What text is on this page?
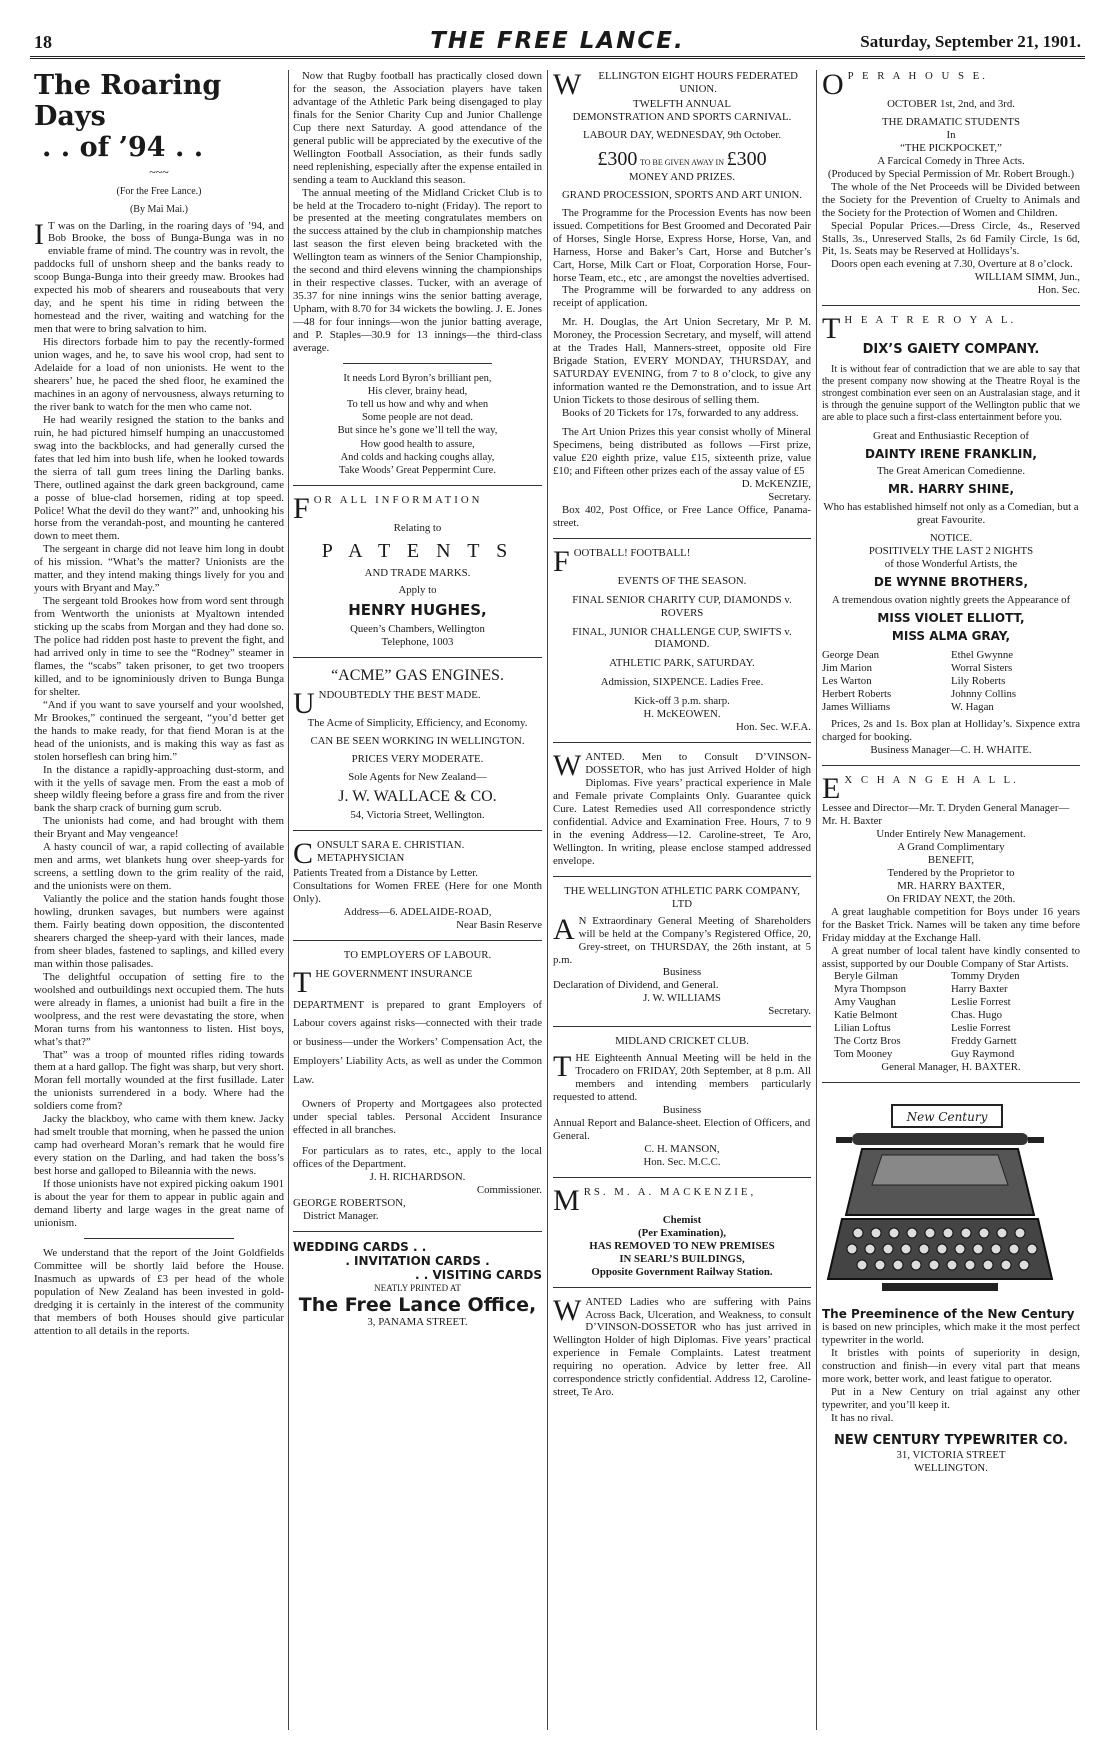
18	THE FREE LANCE.	Saturday, September 21, 1901.
The Roaring Days
. . of ’94 . .
~~~
(For the Free Lance.)
(By Mai Mai.)

I T was on the Darling, in the roaring days of ’94, and Bob Brooke, the boss of Bunga-Bunga was in no enviable frame of mind. The country was in revolt, the paddocks full of unshorn sheep and the banks ready to scoop Bunga-Bunga into their greedy maw. Brookes had expected his mob of shearers and rouseabouts that very day, and he spent his time in riding between the homestead and the river, waiting and watching for the men that were to bring salvation to him.

His directors forbade him to pay the recently-formed union wages, and he, to save his wool crop, had sent to Adelaide for a load of non unionists. He went to the shearers’ hue, he paced the shed floor, he examined the machines in an agony of nervousness, always returning to the river bank to watch for the men who came not.

He had wearily resigned the station to the banks and ruin, he had pictured himself humping an unaccustomed swag into the backblocks, and had generally cursed the fates that led him into bush life, when he looked towards the sierra of tall gum trees lining the Darling banks. There, outlined against the dark green background, came a posse of blue-clad horsemen, riding at top speed. Police! What the devil do they want?” and, unhooking his horse from the verandah-post, and mounting he cantered down to meet them.

The sergeant in charge did not leave him long in doubt of his mission. “What’s the matter? Unionists are the matter, and they intend making things lively for you and yours with Bryant and May.”

The sergeant told Brookes how from word sent through from Wentworth the unionists at Myaltown intended sticking up the scabs from Morgan and they had done so. The police had ridden post haste to prevent the fight, and had arrived only in time to see the “Rodney” steamer in flames, the “scabs” taken prisoner, to get two troopers killed, and to be ignominiously driven to Bunga Bunga for shelter.

“And if you want to save yourself and your woolshed, Mr Brookes,” continued the sergeant, “you’d better get the hands to make ready, for that fiend Moran is at the head of the unionists, and is making this way as fast as stolen horseflesh can bring him.”

In the distance a rapidly-approaching dust-storm, and with it the yells of savage men. From the east a mob of sheep wildly fleeing before a grass fire and from the river bank the sharp crack of burning gum scrub.

The unionists had come, and had brought with them their Bryant and May vengeance!

A hasty council of war, a rapid collecting of available men and arms, wet blankets hung over sheep-yards for screens, a settling down to the grim reality of the raid, and the unionists were on them.

Valiantly the police and the station hands fought those howling, drunken savages, but numbers were against them. Fairly beating down opposition, the discontented shearers charged the sheep-yard with their lances, made from sheer blades, fastened to saplings, and killed every man within those palisades.

The delightful occupation of setting fire to the woolshed and outbuildings next occupied them. The huts were already in flames, a unionist had built a fire in the woolpress, and the rest were devastating the store, when Moran turns from his wantonness to listen. Hist boys, what’s that?”

That” was a troop of mounted rifles riding towards them at a hard gallop. The fight was sharp, but very short. Moran fell mortally wounded at the first fusillade. Later the unionists surrendered in a body. Where had the soldiers come from?

Jacky the blackboy, who came with them knew. Jacky had smelt trouble that morning, when he passed the union camp had overheard Moran’s remark that he would fire every station on the Darling, and had taken the boss’s best horse and galloped to Bileannia with the news.

If those unionists have not expired picking oakum 1901 is about the year for them to appear in public again and demand liberty and large wages in the great name of unionism.

We understand that the report of the Joint Goldfields Committee will be shortly laid before the House. Inasmuch as upwards of £3 per head of the whole population of New Zealand has been invested in gold-dredging it is certainly in the interest of the community that members of both Houses should give particular attention to all details in the reports.

Now that Rugby football has practically closed down for the season, the Association players have taken advantage of the Athletic Park being disengaged to play finals for the Senior Charity Cup and Junior Challenge Cup there next Saturday. A good attendance of the general public will be appreciated by the executive of the Wellington Football Association, as their funds sadly need replenishing, especially after the expense entailed in sending a team to Auckland this season.

The annual meeting of the Midland Cricket Club is to be held at the Trocadero to-night (Friday). The report to be presented at the meeting congratulates members on the success attained by the club in championship matches last season the first eleven being bracketed with the Wellington team as winners of the Senior Championship, the second and third elevens winning the championships in their respective classes. Tucker, with an average of 35.37 for nine innings wins the senior batting average, Upham, with 8.70 for 34 wickets the bowling. J. E. Jones—48 for four innings—won the junior batting average, and P. Staples—30.9 for 13 innings—the third-class average.

It needs Lord Byron’s brilliant pen,
His clever, brainy head,
To tell us how and why and when
Some people are not dead.
But since he’s gone we’ll tell the way,
How good health to assure,
And colds and hacking coughs allay,
Take Woods’ Great Peppermint Cure.
FOR ALL INFORMATION
Relating to
P A T E N T S
AND TRADE MARKS.
Apply to
HENRY HUGHES,
Queen’s Chambers, Wellington
Telephone, 1003
“ACME” GAS ENGINES.
UNDOUBTEDLY THE BEST MADE.
The Acme of Simplicity, Efficiency, and Economy.
CAN BE SEEN WORKING IN WELLINGTON.
PRICES VERY MODERATE.
Sole Agents for New Zealand—
J. W. WALLACE & CO.
54, Victoria Street, Wellington.
CONSULT SARA E. CHRISTIAN. METAPHYSICIAN

Patients Treated from a Distance by Letter.

Consultations for Women FREE (Here for one Month Only).

Address—6. ADELAIDE-ROAD,
Near Basin Reserve
TO EMPLOYERS OF LABOUR.
THE GOVERNMENT INSURANCE

DEPARTMENT is prepared to grant Employers of Labour covers against risks—connected with their trade or business—under the Workers’ Compensation Act, the Employers’ Liability Acts, as well as under the Common Law.

Owners of Property and Mortgagees also protected under special tables. Personal Accident Insurance effected in all branches.

For particulars as to rates, etc., apply to the local offices of the Department.

J. H. RICHARDSON.
Commissioner.
GEORGE ROBERTSON,
District Manager.
WEDDING CARDS . .
. INVITATION CARDS .
. . VISITING CARDS
NEATLY PRINTED AT
The Free Lance Office,
3, PANAMA STREET.
W ELLINGTON EIGHT HOURS FEDERATED UNION.
TWELFTH ANNUAL
DEMONSTRATION AND SPORTS CARNIVAL.
LABOUR DAY, WEDNESDAY, 9th October.
£300 TO BE GIVEN AWAY IN £300
MONEY AND PRIZES.
GRAND PROCESSION, SPORTS AND ART UNION.

The Programme for the Procession Events has now been issued. Competitions for Best Groomed and Decorated Pair of Horses, Single Horse, Express Horse, Horse, Van, and Harness, Horse and Baker’s Cart, Horse and Butcher’s Cart, Horse, Milk Cart or Float, Corporation Horse, Four-horse Team, etc., etc , are amongst the novelties advertised.

The Programme will be forwarded to any address on receipt of application.

Mr. H. Douglas, the Art Union Secretary, Mr P. M. Moroney, the Procession Secretary, and myself, will attend at the Trades Hall, Manners-street, opposite old Fire Brigade Station, EVERY MONDAY, THURSDAY, and SATURDAY EVENING, from 7 to 8 o’clock, to give any information wanted re the Demonstration, and to issue Art Union Tickets to those desirous of selling them.

Books of 20 Tickets for 17s, forwarded to any address.

The Art Union Prizes this year consist wholly of Mineral Specimens, being distributed as follows —First prize, value £20 eighth prize, value £15, sixteenth prize, value £10; and Fifteen other prizes each of the assay value of £5

D. McKENZIE,
Secretary.

Box 402, Post Office, or Free Lance Office, Panama-street.

FOOTBALL! FOOTBALL!
EVENTS OF THE SEASON.
FINAL SENIOR CHARITY CUP, DIAMONDS v. ROVERS
FINAL, JUNIOR CHALLENGE CUP, SWIFTS v. DIAMOND.
ATHLETIC PARK, SATURDAY.
Admission, SIXPENCE. Ladies Free.
Kick-off 3 p.m. sharp.
H. McKEOWEN.
Hon. Sec. W.F.A.

WANTED. Men to Consult D’VINSON-DOSSETOR, who has just Arrived Holder of high Diplomas. Five years’ practical experience in Male and Female private Complaints Only. Guarantee quick Cure. Latest Remedies used All correspondence strictly confidential. Advice and Examination Free. Hours, 7 to 9 in the evening Address—12. Caroline-street, Te Aro, Wellington. In writing, please enclose stamped addressed envelope.

THE WELLINGTON ATHLETIC PARK COMPANY, LTD

A N Extraordinary General Meeting of Shareholders will be held at the Company’s Registered Office, 20, Grey-street, on THURSDAY, the 26th instant, at 5 p.m.

Business
Declaration of Dividend, and General.
J. W. WILLIAMS
Secretary.
MIDLAND CRICKET CLUB.

THE Eighteenth Annual Meeting will be held in the Trocadero on FRIDAY, 20th September, at 8 p.m. All members and intending members particularly requested to attend.

Business
Annual Report and Balance-sheet. Election of Officers, and General.
C. H. MANSON,
Hon. Sec. M.C.C.
MRS. M. A. MACKENZIE,
Chemist
(Per Examination),
HAS REMOVED TO NEW PREMISES
IN SEARL’S BUILDINGS,
Opposite Government Railway Station.

WANTED Ladies who are suffering with Pains Across Back, Ulceration, and Weakness, to consult D’VINSON-DOSSETOR who has just arrived in Wellington Holder of high Diplomas. Five years’ practical experience in Female Complaints. Latest treatment requiring no operation. Advice by letter free. All correspondence strictly confidential. Address 12, Caroline-street, Te Aro.

O P E R A H O U S E.
OCTOBER 1st, 2nd, and 3rd.
THE DRAMATIC STUDENTS
In
“THE PICKPOCKET,”
A Farcical Comedy in Three Acts.
(Produced by Special Permission of Mr. Robert Brough.)

The whole of the Net Proceeds will be Divided between the Society for the Prevention of Cruelty to Animals and the Society for the Protection of Women and Children.

Special Popular Prices.—Dress Circle, 4s., Reserved Stalls, 3s., Unreserved Stalls, 2s 6d Family Circle, 1s 6d, Pit, 1s. Seats may be Reserved at Hollidays’s.

Doors open each evening at 7.30, Overture at 8 o’clock.

WILLIAM SIMM, Jun.,
Hon. Sec.
T H E A T R E R O Y A L.
DIX’S GAIETY COMPANY.

It is without fear of contradiction that we are able to say that the present company now showing at the Theatre Royal is the strongest combination ever seen on an Australasian stage, and it is through the genuine support of the Wellington public that we are able to place such a first-class entertainment before you.

Great and Enthusiastic Reception of
DAINTY IRENE FRANKLIN,
The Great American Comedienne.
MR. HARRY SHINE,
Who has established himself not only as a Comedian, but a great Favourite.
NOTICE.
POSITIVELY THE LAST 2 NIGHTS
of those Wonderful Artists, the
DE WYNNE BROTHERS,
A tremendous ovation nightly greets the Appearance of
MISS VIOLET ELLIOTT,
MISS ALMA GRAY,
George Dean	Ethel Gwynne
Jim Marion	Worral Sisters
Les Warton	Lily Roberts
Herbert Roberts	Johnny Collins
James Williams	W. Hagan

Prices, 2s and 1s. Box plan at Holliday’s. Sixpence extra charged for booking.

Business Manager—C. H. WHAITE.
E X C H A N G E H A L L.
Lessee and Director—Mr. T. Dryden General Manager—Mr. H. Baxter
Under Entirely New Management.
A Grand Complimentary
BENEFIT,
Tendered by the Proprietor to
MR. HARRY BAXTER,
On FRIDAY NEXT, the 20th.

A great laughable competition for Boys under 16 years for the Basket Trick. Names will be taken any time before Friday midday at the Exchange Hall.

A great number of local talent have kindly consented to assist, supported by our Double Company of Star Artists.

Beryle Gilman	Tommy Dryden
Myra Thompson	Harry Baxter
Amy Vaughan	Leslie Forrest
Katie Belmont	Chas. Hugo
Lilian Loftus	Leslie Forrest
The Cortz Bros	Freddy Garnett
Tom Mooney	Guy Raymond
General Manager, H. BAXTER.
New Century
The Preeminence of the New Century

is based on new principles, which make it the most perfect typewriter in the world.

It bristles with points of superiority in design, construction and finish—in every vital part that means more work, better work, and least fatigue to operator.

Put in a New Century on trial against any other typewriter, and you’ll keep it.

It has no rival.

NEW CENTURY TYPEWRITER CO.
31, VICTORIA STREET
WELLINGTON.
